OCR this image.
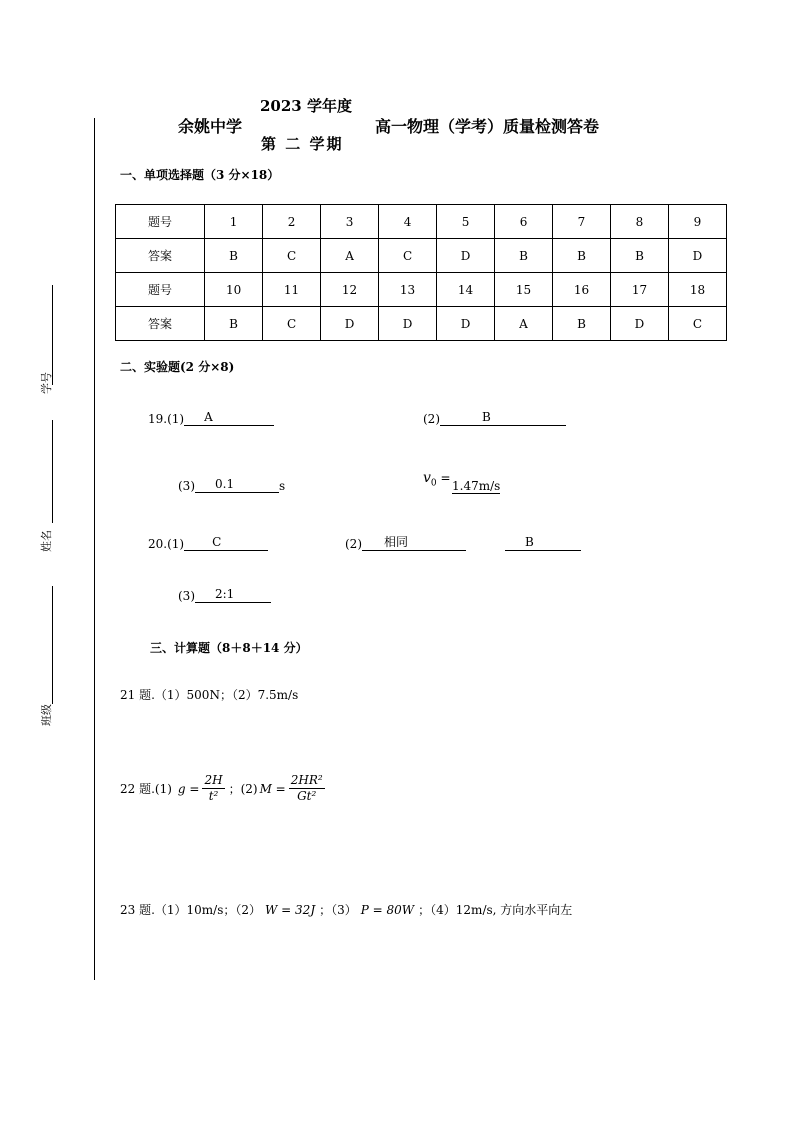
2023 学年度
余姚中学
第 二 学期
高一物理（学考）质量检测答卷
学号
姓名
班级
一、单项选择题（3 分×18）
题号	1	2	3	4	5	6	7	8	9
答案	B	C	A	C	D	B	B	B	D
题号	10	11	12	13	14	15	16	17	18
答案	B	C	D	D	D	A	B	D	C
二、实验题(2 分×8)
19.(1) A	(2)	B
(3) 0.1	s	$v_0$ =
1.47m/s
20.(1) C	(2) 相同	B
(3) 2:1
三、计算题（8＋8＋14 分）
21 题.（1）500N；（2）7.5m/s
22 题.(1) $g = \frac{2H}{\text{t²}}$ ；(2) $M = \frac{\text{2HR²}}{\text{Gt²}}$
23 题.（1）10m/s；（2） W = 32J ；（3） P = 80W ；（4）12m/s, 方向水平向左
